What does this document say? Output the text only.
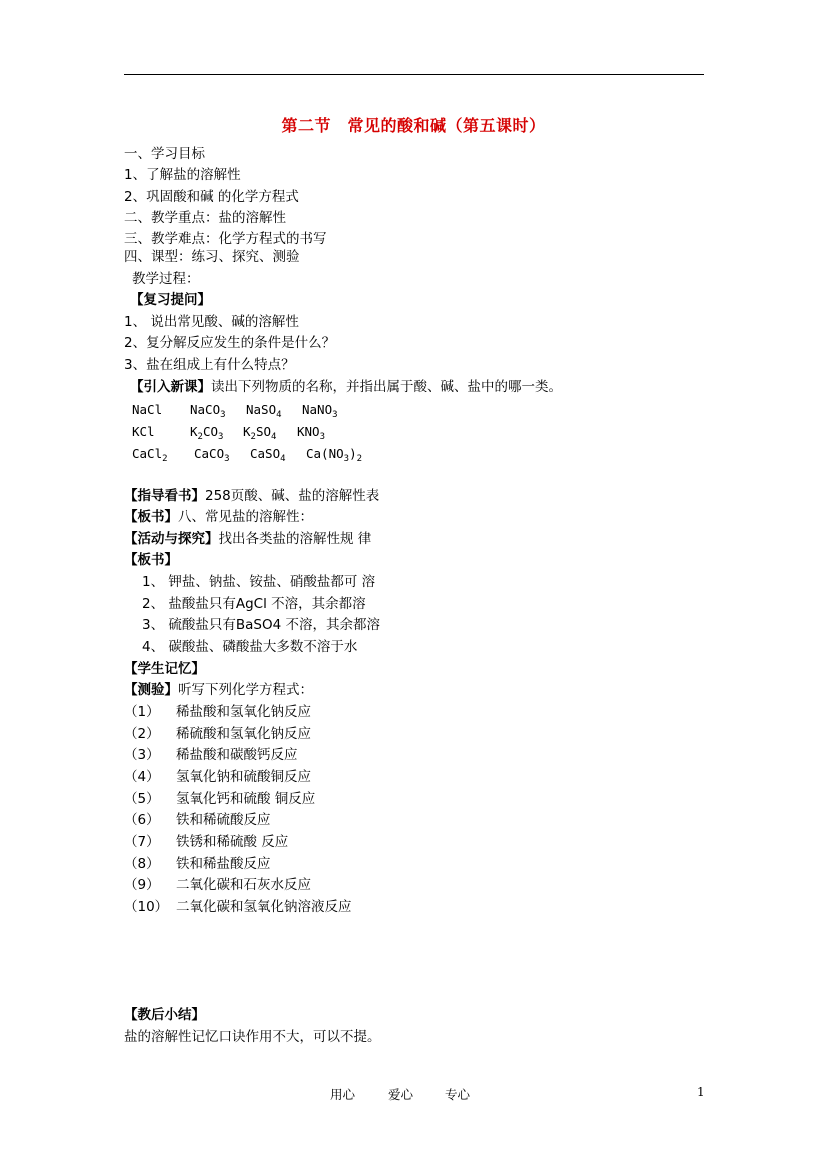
第二节　常见的酸和碱（第五课时）
一、学习目标
1、了解盐的溶解性
2、巩固酸和碱 的化学方程式
二、教学重点：盐的溶解性
三、教学难点：化学方程式的书写
四、课型：练习、探究、测验
教学过程：
【复习提问】
1、 说出常见酸、碱的溶解性
2、复分解反应发生的条件是什么？
3、盐在组成上有什么特点？
【引入新课】读出下列物质的名称，并指出属于酸、碱、盐中的哪一类。
NaCl NaCO$_3$ NaSO$_4$ NaNO$_3$
KCl	$K_2CO_3$ $K_2SO_4$ $KNO_3$
CaCl$_2$ CaCO$_3$ CaSO$_4$ $Ca(NO_3)_2$
【指导看书】258页酸、碱、盐的溶解性表
【板书】八、常见盐的溶解性：
【活动与探究】找出各类盐的溶解性规 律
【板书】
1、 钾盐、钠盐、铵盐、硝酸盐都可 溶
2、 盐酸盐只有AgCl 不溶，其余都溶
3、 硫酸盐只有BaSO4 不溶，其余都溶
4、 碳酸盐、磷酸盐大多数不溶于水
【学生记忆】
【测验】听写下列化学方程式：
（1） 稀盐酸和氢氧化钠反应
（2） 稀硫酸和氢氧化钠反应
（3） 稀盐酸和碳酸钙反应
（4） 氢氧化钠和硫酸铜反应
（5） 氢氧化钙和硫酸 铜反应
（6） 铁和稀硫酸反应
（7） 铁锈和稀硫酸 反应
（8） 铁和稀盐酸反应
（9） 二氧化碳和石灰水反应
（10） 二氧化碳和氢氧化钠溶液反应
【教后小结】
盐的溶解性记忆口诀作用不大，可以不提。
用心	爱心	专心	1
